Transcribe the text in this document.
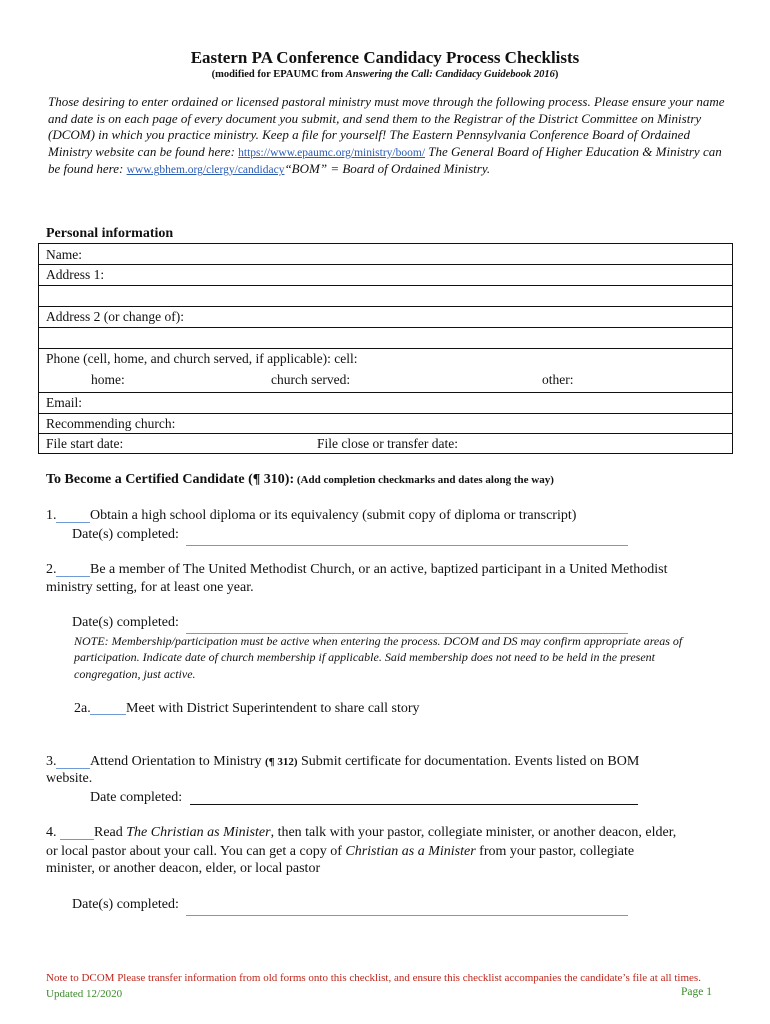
Eastern PA Conference Candidacy Process Checklists
(modified for EPAUMC from Answering the Call: Candidacy Guidebook 2016)
Those desiring to enter ordained or licensed pastoral ministry must move through the following process. Please ensure your name and date is on each page of every document you submit, and send them to the Registrar of the District Committee on Ministry (DCOM) in which you practice ministry. Keep a file for yourself! The Eastern Pennsylvania Conference Board of Ordained Ministry website can be found here: https://www.epaumc.org/ministry/boom/ The General Board of Higher Education & Ministry can be found here: www.gbhem.org/clergy/candidacy“BOM” = Board of Ordained Ministry.
Personal information
Name:
Address 1:
Address 2 (or change of):
Phone (cell, home, and church served, if applicable): cell:
home:	church served:	other:
Email:
Recommending church:
File start date:	File close or transfer date:
To Become a Certified Candidate (¶ 310): (Add completion checkmarks and dates along the way)
1. Obtain a high school diploma or its equivalency (submit copy of diploma or transcript)
Date(s) completed:
2. Be a member of The United Methodist Church, or an active, baptized participant in a United Methodist
ministry setting, for at least one year.
Date(s) completed:
NOTE: Membership/participation must be active when entering the process. DCOM and DS may confirm appropriate areas of participation. Indicate date of church membership if applicable. Said membership does not need to be held in the present congregation, just active.
2a.	Meet with District Superintendent to share call story
3. Attend Orientation to Ministry (¶ 312) Submit certificate for documentation. Events listed on BOM
website.
Date completed:
4.	Read The Christian as Minister, then talk with your pastor, collegiate minister, or another deacon, elder,
or local pastor about your call. You can get a copy of Christian as a Minister from your pastor, collegiate
minister, or another deacon, elder, or local pastor
Date(s) completed:
Note to DCOM Please transfer information from old forms onto this checklist, and ensure this checklist accompanies the candidate’s file at all times. Updated 12/2020	Page 1
